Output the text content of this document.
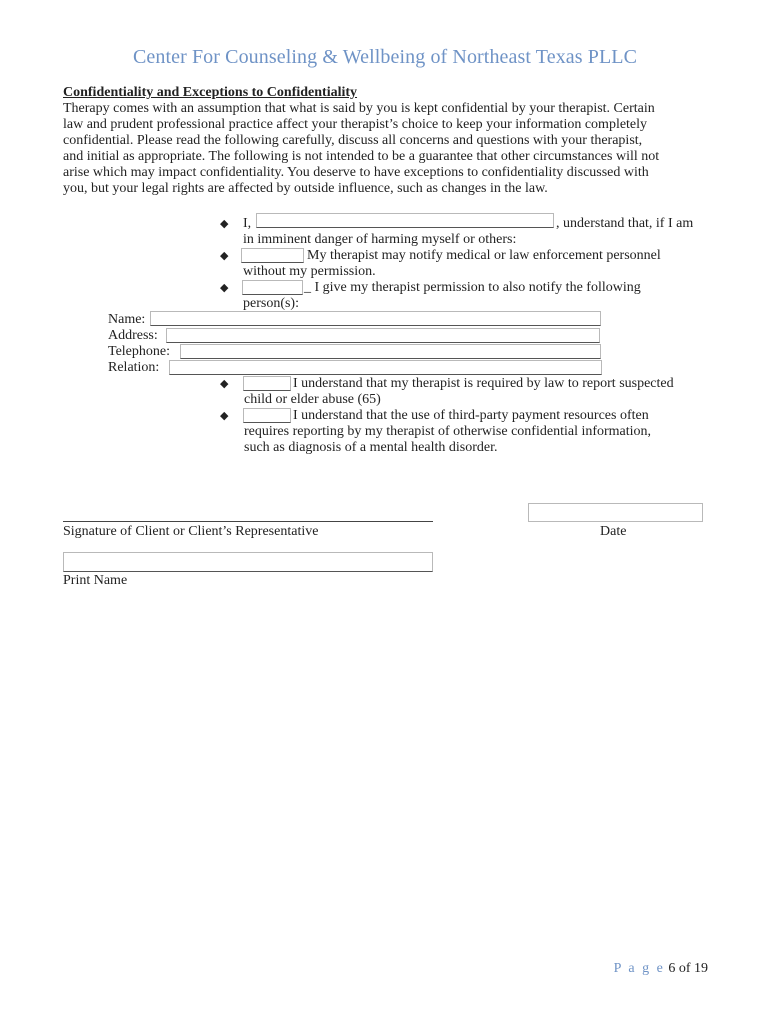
Center For Counseling & Wellbeing of Northeast Texas PLLC
Confidentiality and Exceptions to Confidentiality
Therapy comes with an assumption that what is said by you is kept confidential by your therapist. Certain
law and prudent professional practice affect your therapist’s choice to keep your information completely
confidential. Please read the following carefully, discuss all concerns and questions with your therapist,
and initial as appropriate. The following is not intended to be a guarantee that other circumstances will not
arise which may impact confidentiality. You deserve to have exceptions to confidentiality discussed with
you, but your legal rights are affected by outside influence, such as changes in the law.
◆ I,	, understand that, if I am
in imminent danger of harming myself or others:
◆	My therapist may notify medical or law enforcement personnel
without my permission.
◆	_ I give my therapist permission to also notify the following
person(s):
Name:
Address:
Telephone:
Relation:
◆	I understand that my therapist is required by law to report suspected
child or elder abuse (65)
◆	I understand that the use of third-party payment resources often
requires reporting by my therapist of otherwise confidential information,
such as diagnosis of a mental health disorder.
Signature of Client or Client’s Representative	Date
Print Name
P a g e 6 of 19
